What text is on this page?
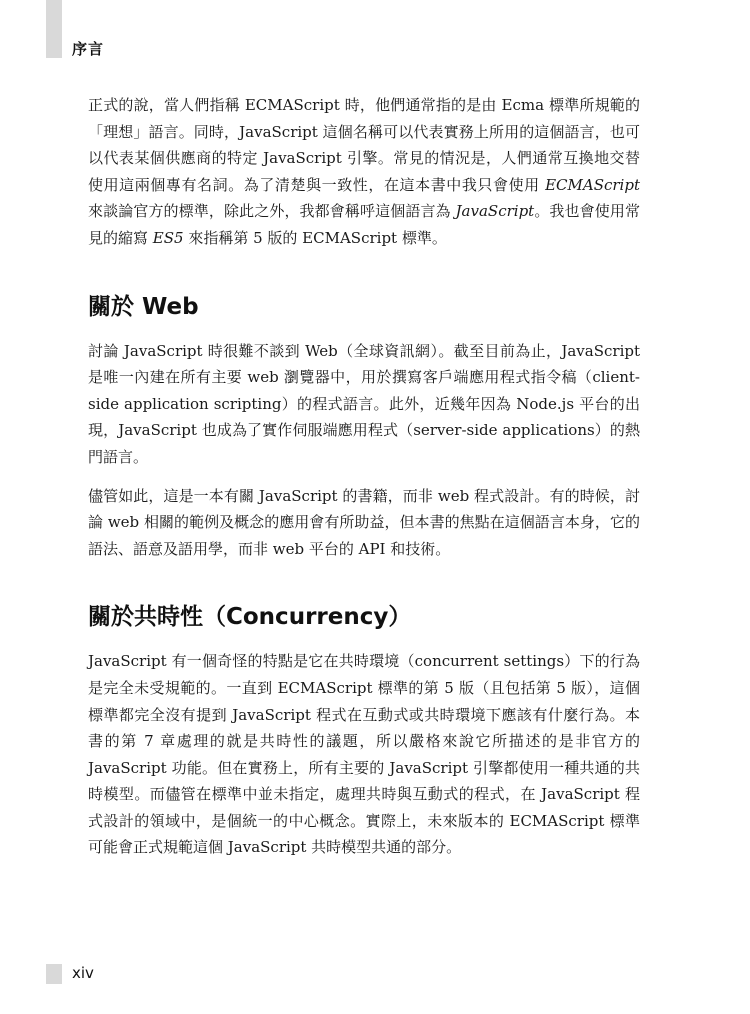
序言

正式的說，當人們指稱 ECMAScript 時，他們通常指的是由 Ecma 標準所規範的「理想」語言。同時，JavaScript 這個名稱可以代表實務上所用的這個語言，也可以代表某個供應商的特定 JavaScript 引擎。常見的情況是，人們通常互換地交替使用這兩個專有名詞。為了清楚與一致性，在這本書中我只會使用 ECMAScript 來談論官方的標準，除此之外，我都會稱呼這個語言為 JavaScript。我也會使用常見的縮寫 ES5 來指稱第 5 版的 ECMAScript 標準。

關於 Web

討論 JavaScript 時很難不談到 Web（全球資訊網）。截至目前為止，JavaScript 是唯一內建在所有主要 web 瀏覽器中，用於撰寫客戶端應用程式指令稿（client-side application scripting）的程式語言。此外，近幾年因為 Node.js 平台的出現，JavaScript 也成為了實作伺服端應用程式（server-side applications）的熱門語言。

儘管如此，這是一本有關 JavaScript 的書籍，而非 web 程式設計。有的時候，討論 web 相關的範例及概念的應用會有所助益，但本書的焦點在這個語言本身，它的語法、語意及語用學，而非 web 平台的 API 和技術。

關於共時性（Concurrency）

JavaScript 有一個奇怪的特點是它在共時環境（concurrent settings）下的行為是完全未受規範的。一直到 ECMAScript 標準的第 5 版（且包括第 5 版），這個標準都完全沒有提到 JavaScript 程式在互動式或共時環境下應該有什麼行為。本書的第 7 章處理的就是共時性的議題，所以嚴格來說它所描述的是非官方的 JavaScript 功能。但在實務上，所有主要的 JavaScript 引擎都使用一種共通的共時模型。而儘管在標準中並未指定，處理共時與互動式的程式，在 JavaScript 程式設計的領域中，是個統一的中心概念。實際上，未來版本的 ECMAScript 標準可能會正式規範這個 JavaScript 共時模型共通的部分。

xiv
